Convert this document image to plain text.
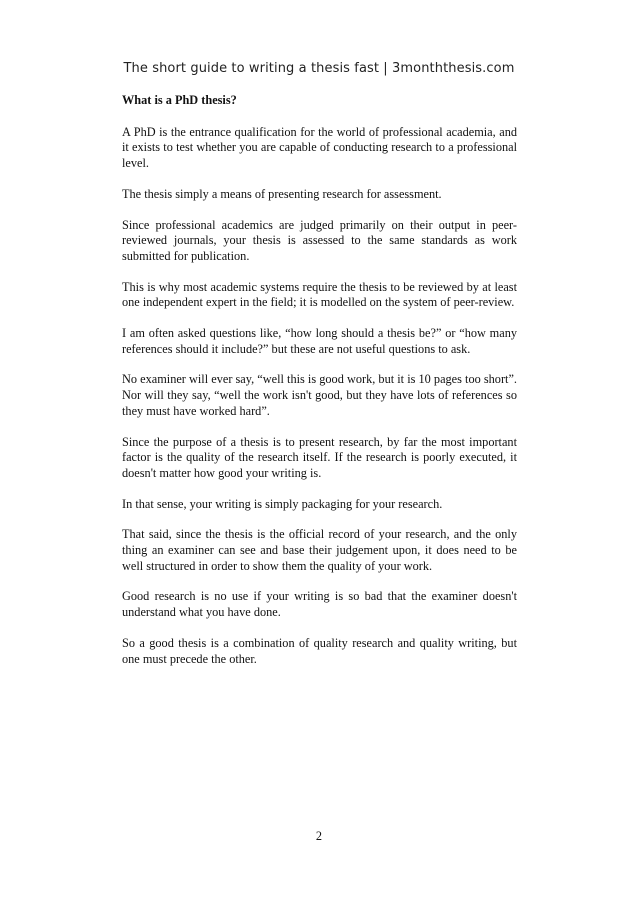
The short guide to writing a thesis fast | 3monththesis.com

What is a PhD thesis?

A PhD is the entrance qualification for the world of professional academia, and it exists to test whether you are capable of conducting research to a professional level.

The thesis simply a means of presenting research for assessment.

Since professional academics are judged primarily on their output in peer-reviewed journals, your thesis is assessed to the same standards as work submitted for publication.

This is why most academic systems require the thesis to be reviewed by at least one independent expert in the field; it is modelled on the system of peer-review.

I am often asked questions like, “how long should a thesis be?” or “how many references should it include?” but these are not useful questions to ask.

No examiner will ever say, “well this is good work, but it is 10 pages too short”. Nor will they say, “well the work isn't good, but they have lots of references so they must have worked hard”.

Since the purpose of a thesis is to present research, by far the most important factor is the quality of the research itself. If the research is poorly executed, it doesn't matter how good your writing is.

In that sense, your writing is simply packaging for your research.

That said, since the thesis is the official record of your research, and the only thing an examiner can see and base their judgement upon, it does need to be well structured in order to show them the quality of your work.

Good research is no use if your writing is so bad that the examiner doesn't understand what you have done.

So a good thesis is a combination of quality research and quality writing, but one must precede the other.

2
